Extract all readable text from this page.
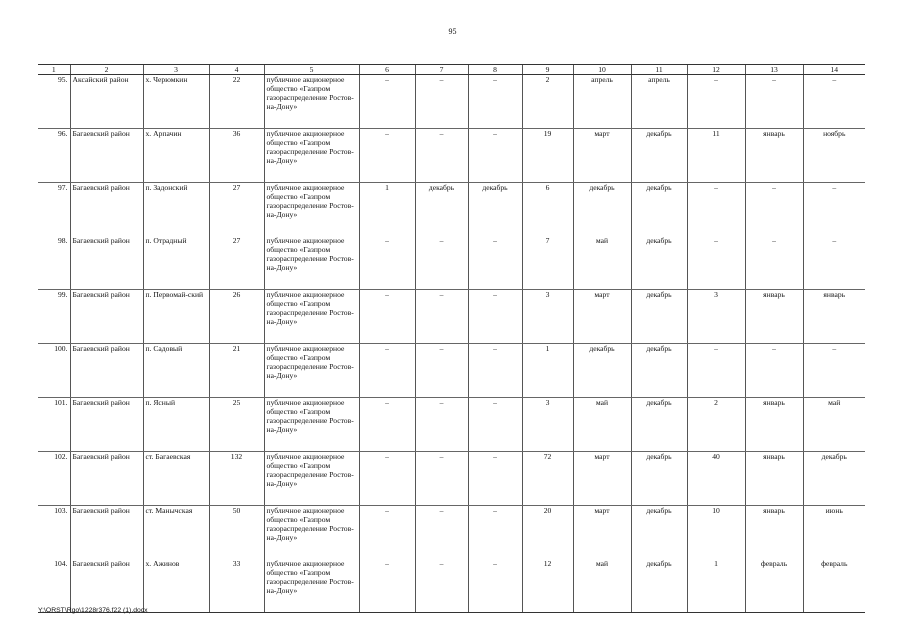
95
1	2	3	4	5	6	7	8	9	10	11	12	13	14
95.	Аксайский район	х. Черюмкин	22	публичное акционерное общество «Газпром газораспределение Ростов-на-Дону»	–	–	–	2	апрель	апрель	–	–	–
96.	Багаевский район	х. Арпачин	36	публичное акционерное общество «Газпром газораспределение Ростов-на-Дону»	–	–	–	19	март	декабрь	11	январь	ноябрь
97.	Багаевский район	п. Задонский	27	публичное акционерное общество «Газпром газораспределение Ростов-на-Дону»	1	декабрь	декабрь	6	декабрь	декабрь	–	–	–
98.	Багаевский район	п. Отрадный	27	публичное акционерное общество «Газпром газораспределение Ростов-на-Дону»	–	–	–	7	май	декабрь	–	–	–
99.	Багаевский район	п. Первомай-ский	26	публичное акционерное общество «Газпром газораспределение Ростов-на-Дону»	–	–	–	3	март	декабрь	3	январь	январь
100.	Багаевский район	п. Садовый	21	публичное акционерное общество «Газпром газораспределение Ростов-на-Дону»	–	–	–	1	декабрь	декабрь	–	–	–
101.	Багаевский район	п. Ясный	25	публичное акционерное общество «Газпром газораспределение Ростов-на-Дону»	–	–	–	3	май	декабрь	2	январь	май
102.	Багаевский район	ст. Багаевская	132	публичное акционерное общество «Газпром газораспределение Ростов-на-Дону»	–	–	–	72	март	декабрь	40	январь	декабрь
103.	Багаевский район	ст. Манычская	50	публичное акционерное общество «Газпром газораспределение Ростов-на-Дону»	–	–	–	20	март	декабрь	10	январь	июнь
104.	Багаевский район	х. Ажинов	33	публичное акционерное общество «Газпром газораспределение Ростов-на-Дону»	–	–	–	12	май	декабрь	1	февраль	февраль
Y:\ORST\Rgo\1228r376.f22 (1).docx
